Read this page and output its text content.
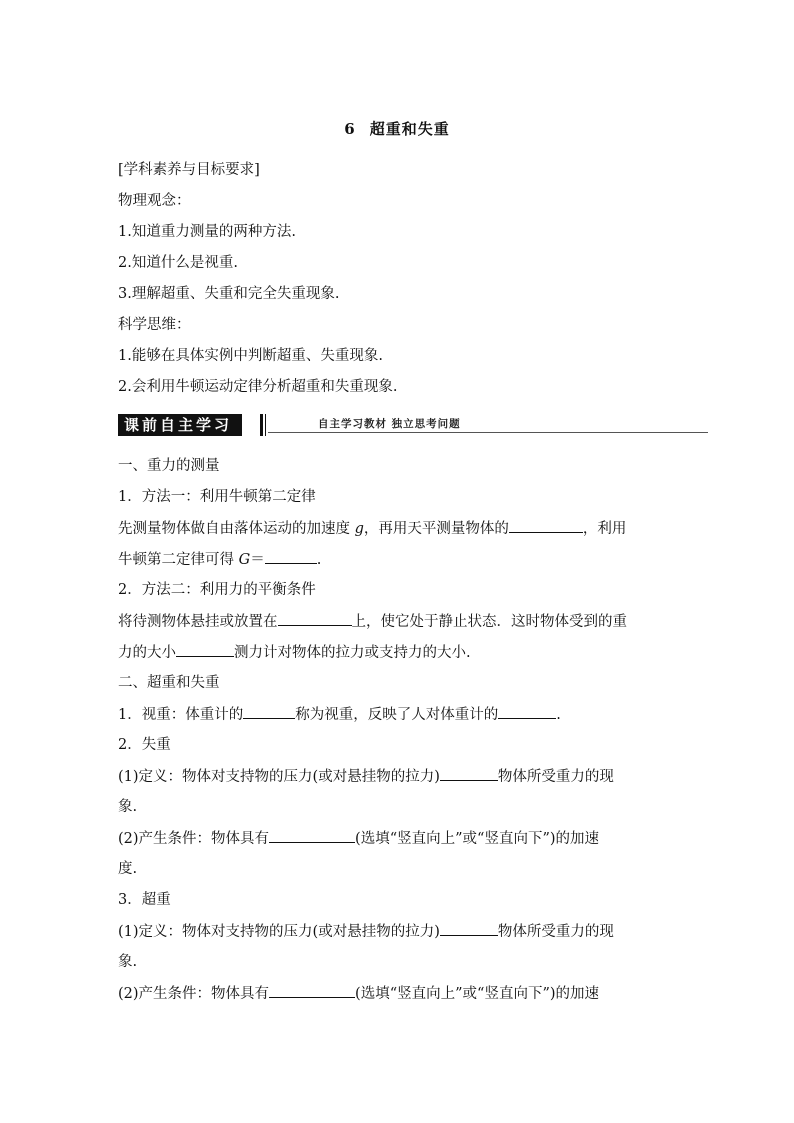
6 超重和失重
[学科素养与目标要求]
物理观念：
1.知道重力测量的两种方法.
2.知道什么是视重.
3.理解超重、失重和完全失重现象.
科学思维：
1.能够在具体实例中判断超重、失重现象.
2.会利用牛顿运动定律分析超重和失重现象.
课前自主学习	自主学习教材 独立思考问题
一、重力的测量
1．方法一：利用牛顿第二定律
先测量物体做自由落体运动的加速度 g，再用天平测量物体的	，利用
牛顿第二定律可得 G＝	.
2．方法二：利用力的平衡条件
将待测物体悬挂或放置在	上，使它处于静止状态．这时物体受到的重
力的大小	测力计对物体的拉力或支持力的大小.
二、超重和失重
1．视重：体重计的	称为视重，反映了人对体重计的	.
2．失重
(1)定义：物体对支持物的压力(或对悬挂物的拉力)	物体所受重力的现
象.
(2)产生条件：物体具有	(选填“竖直向上”或“竖直向下”)的加速
度.
3．超重
(1)定义：物体对支持物的压力(或对悬挂物的拉力)	物体所受重力的现
象.
(2)产生条件：物体具有	(选填“竖直向上”或“竖直向下”)的加速
